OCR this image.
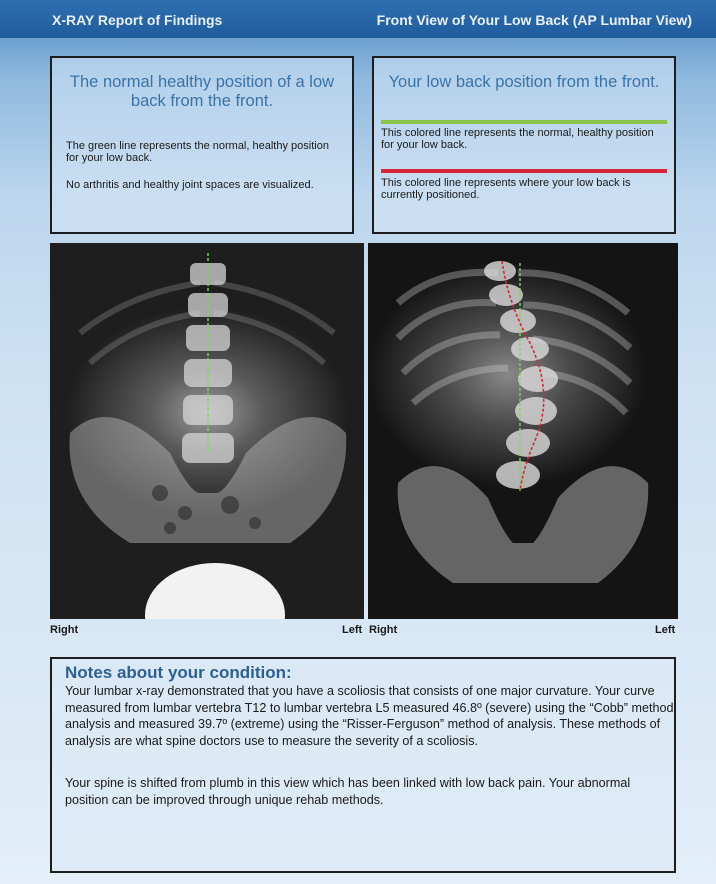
X-RAY Report of Findings	Front View of Your Low Back (AP Lumbar View)
The normal healthy position of a low back from the front.

The green line represents the normal, healthy position for your low back.

No arthritis and healthy joint spaces are visualized.

Your low back position from the front.

This colored line represents the normal, healthy position for your low back.

This colored line represents where your low back is currently positioned.

Right	Left Right	Left
Notes about your condition:

Your lumbar x-ray demonstrated that you have a scoliosis that consists of one major curvature. Your curve measured from lumbar vertebra T12 to lumbar vertebra L5 measured 46.8º (severe) using the “Cobb” method analysis and measured 39.7º (extreme) using the “Risser-Ferguson” method of analysis. These methods of analysis are what spine doctors use to measure the severity of a scoliosis.

Your spine is shifted from plumb in this view which has been linked with low back pain. Your abnormal position can be improved through unique rehab methods.
